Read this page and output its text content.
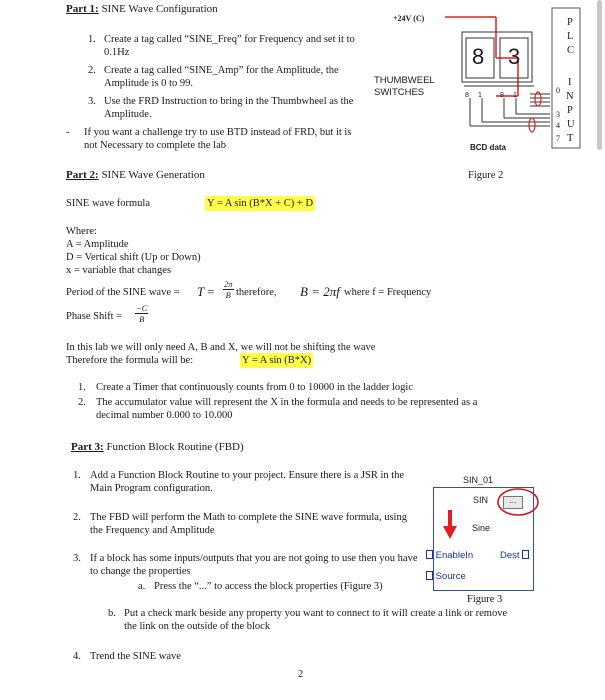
Part 1: SINE Wave Configuration
1. Create a tag called “SINE_Freq” for Frequency and set it to 0.1Hz
2. Create a tag called “SINE_Amp” for the Amplitude, the Amplitude is 0 to 99.
3. Use the FRD Instruction to bring in the Thumbwheel as the Amplitude.
- If you want a challenge try to use BTD instead of FRD, but it is not Necessary to complete the lab
+24V (C)
THUMBWEEL SWITCHES
8 3
8 1	8 1
BCD data
P
L
C
I
N
P
U
T
0
3
4
7
Figure 2
Part 2: SINE Wave Generation
SINE wave formula	Y = A sin (B*X + C) + D
Where:
A = Amplitude
D = Vertical shift (Up or Down)
x = variable that changes
Period of the SINE wave = $T = \frac{2\pi}{B}$ therefore, B = 2πf where f = Frequency
Phase Shift = $\frac{-C}{B}$
In this lab we will only need A, B and X, we will not be shifting the wave
Therefore the formula will be:	Y = A sin (B*X)
1. Create a Timer that continuously counts from 0 to 10000 in the ladder logic
2. The accumulator value will represent the X in the formula and needs to be represented as a decimal number 0.000 to 10.000
Part 3: Function Block Routine (FBD)
1. Add a Function Block Routine to your project. Ensure there is a JSR in the Main Program configuration.
2. The FBD will perform the Math to complete the SINE wave formula, using the Frequency and Amplitude
3. If a block has some inputs/outputs that you are not going to use then you have to change the properties
a. Press the “...” to access the block properties (Figure 3)
b. Put a check mark beside any property you want to connect to it will create a link or remove the link on the outside of the block
4. Trend the SINE wave
SIN_01
SIN	...
Sine
EnableIn	Dest
Source
Figure 3
2
